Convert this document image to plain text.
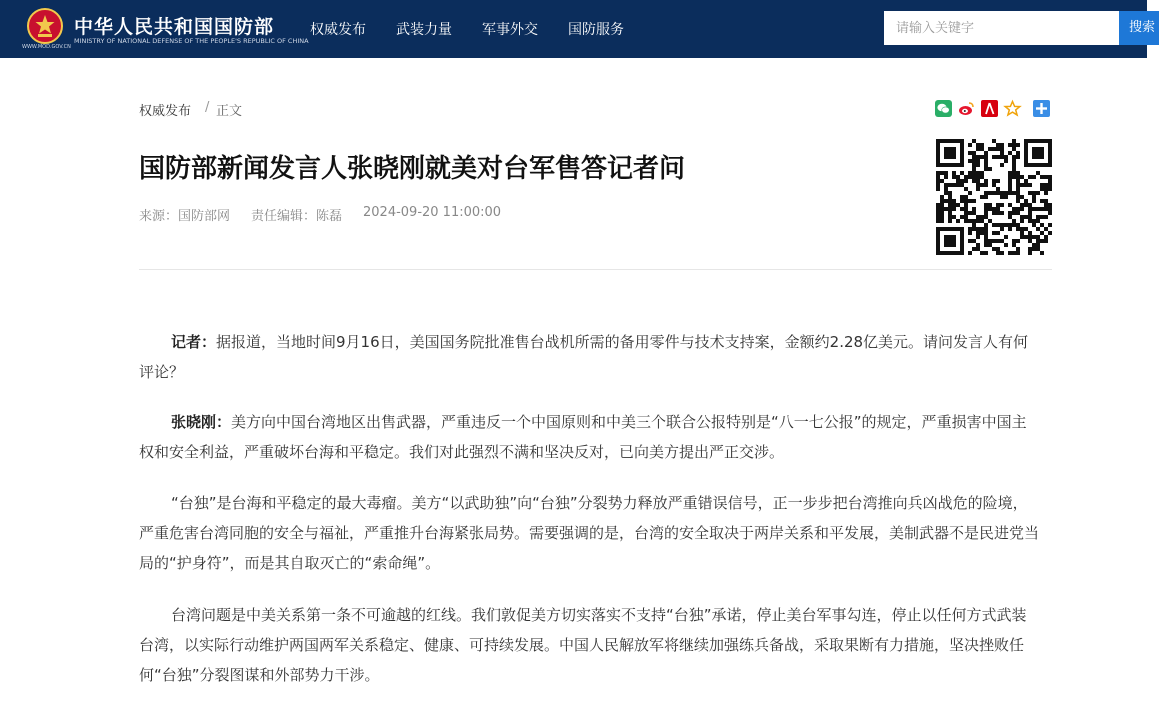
中华人民共和国国防部
MINISTRY OF NATIONAL DEFENSE OF THE PEOPLE'S REPUBLIC OF CHINA
WWW.MOD.GOV.CN
权威发布 武装力量 军事外交 国防服务
请输入关键字	搜索
权威发布 / 正文
国防部新闻发言人张晓刚就美对台军售答记者问
来源：国防部网 责任编辑：陈磊 2024-09-20 11:00:00

记者：据报道，当地时间9月16日，美国国务院批准售台战机所需的备用零件与技术支持案，金额约2.28亿美元。请问发言人有何评论？

张晓刚：美方向中国台湾地区出售武器，严重违反一个中国原则和中美三个联合公报特别是“八一七公报”的规定，严重损害中国主权和安全利益，严重破坏台海和平稳定。我们对此强烈不满和坚决反对，已向美方提出严正交涉。

“台独”是台海和平稳定的最大毒瘤。美方“以武助独”向“台独”分裂势力释放严重错误信号，正一步步把台湾推向兵凶战危的险境，严重危害台湾同胞的安全与福祉，严重推升台海紧张局势。需要强调的是，台湾的安全取决于两岸关系和平发展，美制武器不是民进党当局的“护身符”，而是其自取灭亡的“索命绳”。

台湾问题是中美关系第一条不可逾越的红线。我们敦促美方切实落实不支持“台独”承诺，停止美台军事勾连，停止以任何方式武装台湾，以实际行动维护两国两军关系稳定、健康、可持续发展。中国人民解放军将继续加强练兵备战，采取果断有力措施，坚决挫败任何“台独”分裂图谋和外部势力干涉。
